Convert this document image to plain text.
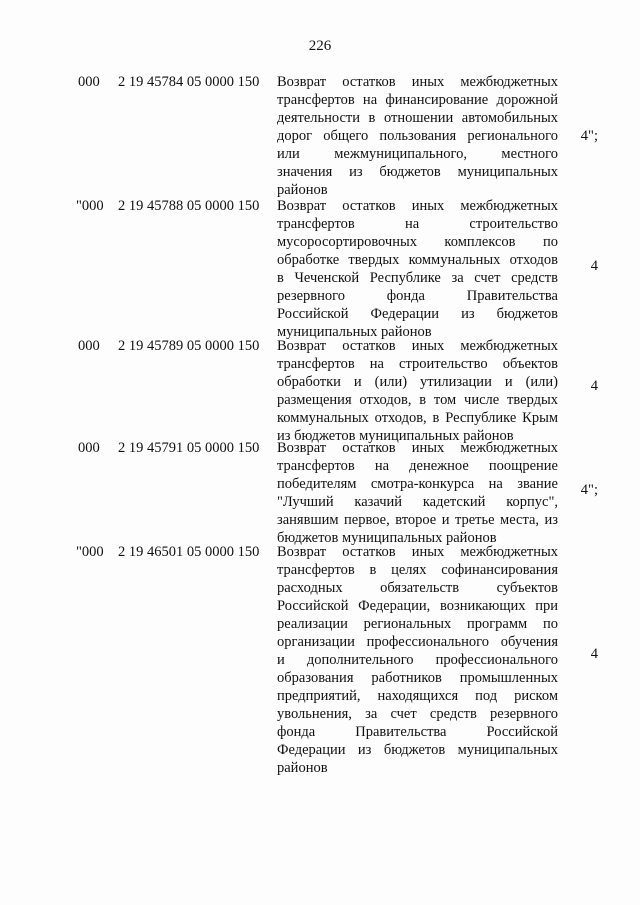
226
000 2 19 45784 05 0000 150 Возврат остатков иных межбюджетных
трансфертов на финансирование дорожной
деятельности в отношении автомобильных
дорог общего пользования регионального
или межмуниципального, местного
значения из бюджетов муниципальных
районов
4";
"000 2 19 45788 05 0000 150 Возврат остатков иных межбюджетных
трансфертов на строительство
мусоросортировочных комплексов по
обработке твердых коммунальных отходов
в Чеченской Республике за счет средств
резервного фонда Правительства
Российской Федерации из бюджетов
муниципальных районов
4
000 2 19 45789 05 0000 150 Возврат остатков иных межбюджетных
трансфертов на строительство объектов
обработки и (или) утилизации и (или)
размещения отходов, в том числе твердых
коммунальных отходов, в Республике Крым
из бюджетов муниципальных районов
4
000 2 19 45791 05 0000 150 Возврат остатков иных межбюджетных
трансфертов на денежное поощрение
победителям смотра-конкурса на звание
"Лучший казачий кадетский корпус",
занявшим первое, второе и третье места, из
бюджетов муниципальных районов
4";
"000 2 19 46501 05 0000 150 Возврат остатков иных межбюджетных
трансфертов в целях софинансирования
расходных обязательств субъектов
Российской Федерации, возникающих при
реализации региональных программ по
организации профессионального обучения
и дополнительного профессионального
образования работников промышленных
предприятий, находящихся под риском
увольнения, за счет средств резервного
фонда Правительства Российской
Федерации из бюджетов муниципальных
районов
4
